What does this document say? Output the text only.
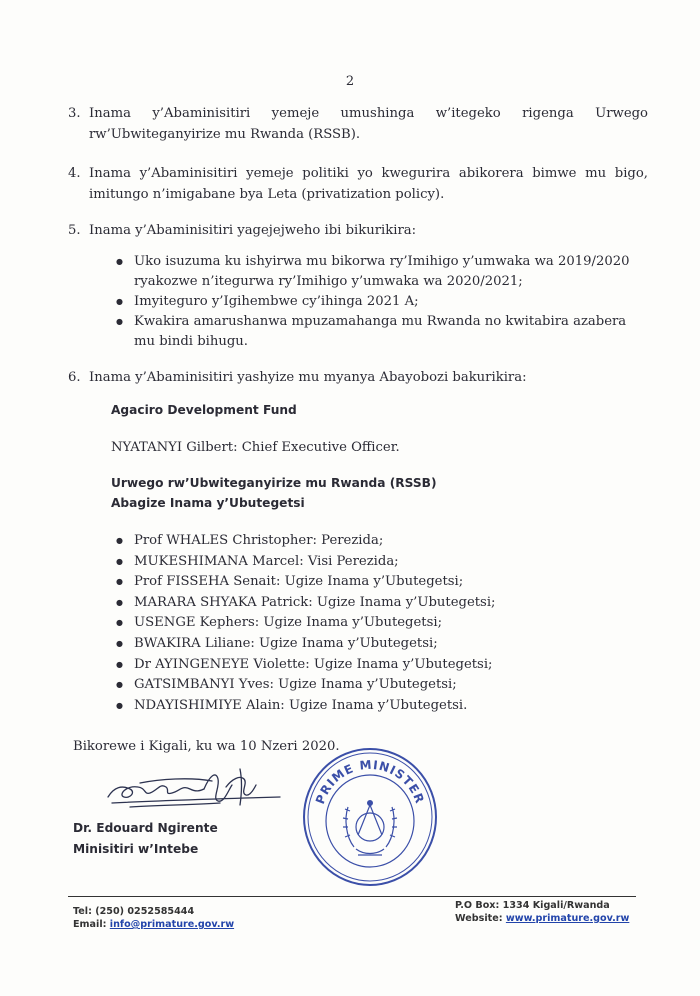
2
3. Inama y’Abaminisitiri yemeje umushinga w’itegeko rigenga Urwego rw’Ubwiteganyirize mu Rwanda (RSSB).
4. Inama y’Abaminisitiri yemeje politiki yo kwegurira abikorera bimwe mu bigo, imitungo n’imigabane bya Leta (privatization policy).
5. Inama y’Abaminisitiri yagejejweho ibi bikurikira:
● Uko isuzuma ku ishyirwa mu bikorwa ry’Imihigo y’umwaka wa 2019/2020 ryakozwe n’itegurwa ry’Imihigo y’umwaka wa 2020/2021;
● Imyiteguro y’Igihembwe cy’ihinga 2021 A;
● Kwakira amarushanwa mpuzamahanga mu Rwanda no kwitabira azabera mu bindi bihugu.
6. Inama y’Abaminisitiri yashyize mu myanya Abayobozi bakurikira:
Agaciro Development Fund
NYATANYI Gilbert: Chief Executive Officer.
Urwego rw’Ubwiteganyirize mu Rwanda (RSSB)
Abagize Inama y’Ubutegetsi
● Prof WHALES Christopher: Perezida;
● MUKESHIMANA Marcel: Visi Perezida;
● Prof FISSEHA Senait: Ugize Inama y’Ubutegetsi;
● MARARA SHYAKA Patrick: Ugize Inama y’Ubutegetsi;
● USENGE Kephers: Ugize Inama y’Ubutegetsi;
● BWAKIRA Liliane: Ugize Inama y’Ubutegetsi;
● Dr AYINGENEYE Violette: Ugize Inama y’Ubutegetsi;
● GATSIMBANYI Yves: Ugize Inama y’Ubutegetsi;
● NDAYISHIMIYE Alain: Ugize Inama y’Ubutegetsi.
Bikorewe i Kigali, ku wa 10 Nzeri 2020.
Dr. Edouard Ngirente
Minisitiri w’Intebe
PRIME MINISTER
Tel: (250) 0252585444
Email: info@primature.gov.rw
P.O Box: 1334 Kigali/Rwanda
Website: www.primature.gov.rw
